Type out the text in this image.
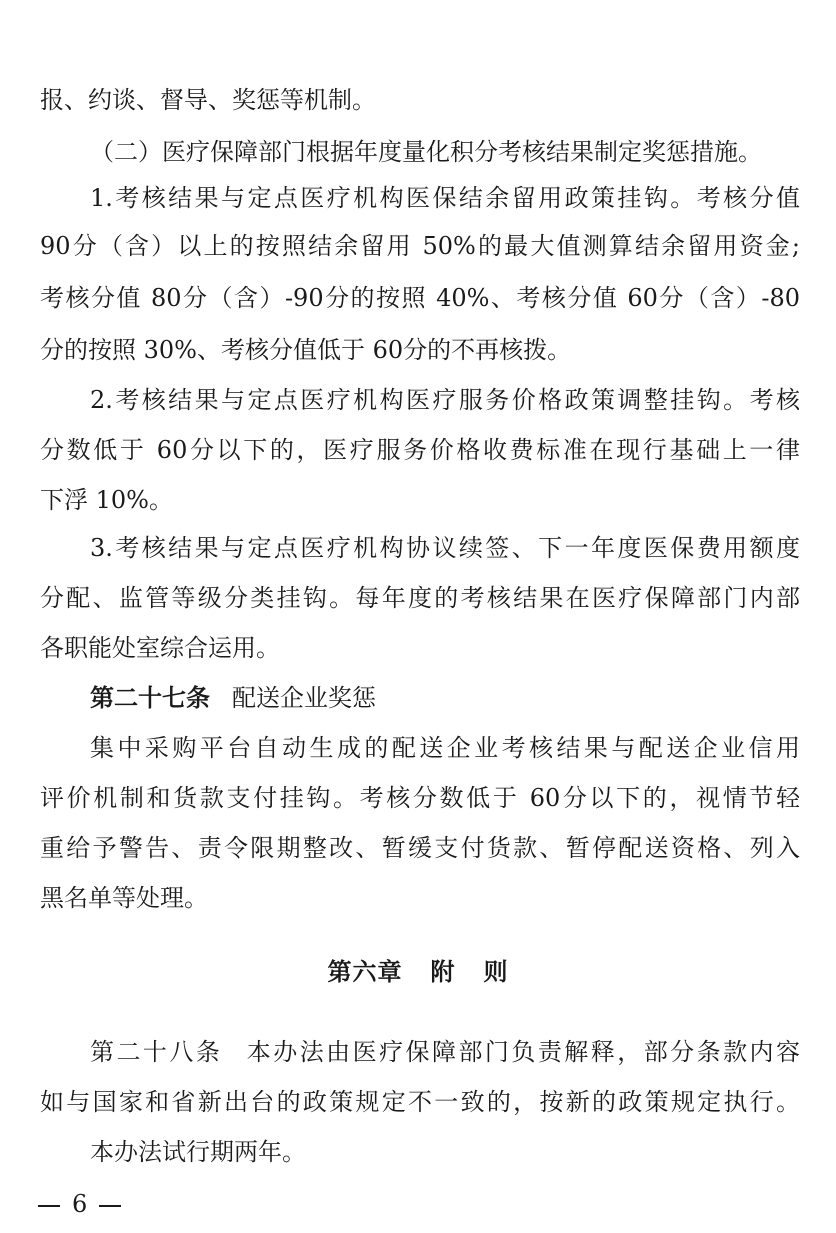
报、约谈、督导、奖惩等机制。
（二）医疗保障部门根据年度量化积分考核结果制定奖惩措施。
1.考核结果与定点医疗机构医保结余留用政策挂钩。考核分值
90分（含）以上的按照结余留用 50%的最大值测算结余留用资金;
考核分值 80分（含）-90分的按照 40%、考核分值 60分（含）-80
分的按照 30%、考核分值低于 60分的不再核拨。
2.考核结果与定点医疗机构医疗服务价格政策调整挂钩。考核
分数低于 60分以下的，医疗服务价格收费标准在现行基础上一律
下浮 10%。
3.考核结果与定点医疗机构协议续签、下一年度医保费用额度
分配、监管等级分类挂钩。每年度的考核结果在医疗保障部门内部
各职能处室综合运用。
第二十七条 配送企业奖惩
集中采购平台自动生成的配送企业考核结果与配送企业信用
评价机制和货款支付挂钩。考核分数低于 60分以下的，视情节轻
重给予警告、责令限期整改、暂缓支付货款、暂停配送资格、列入
黑名单等处理。
第六章 附 则
第二十八条 本办法由医疗保障部门负责解释，部分条款内容
如与国家和省新出台的政策规定不一致的，按新的政策规定执行。
本办法试行期两年。
6
